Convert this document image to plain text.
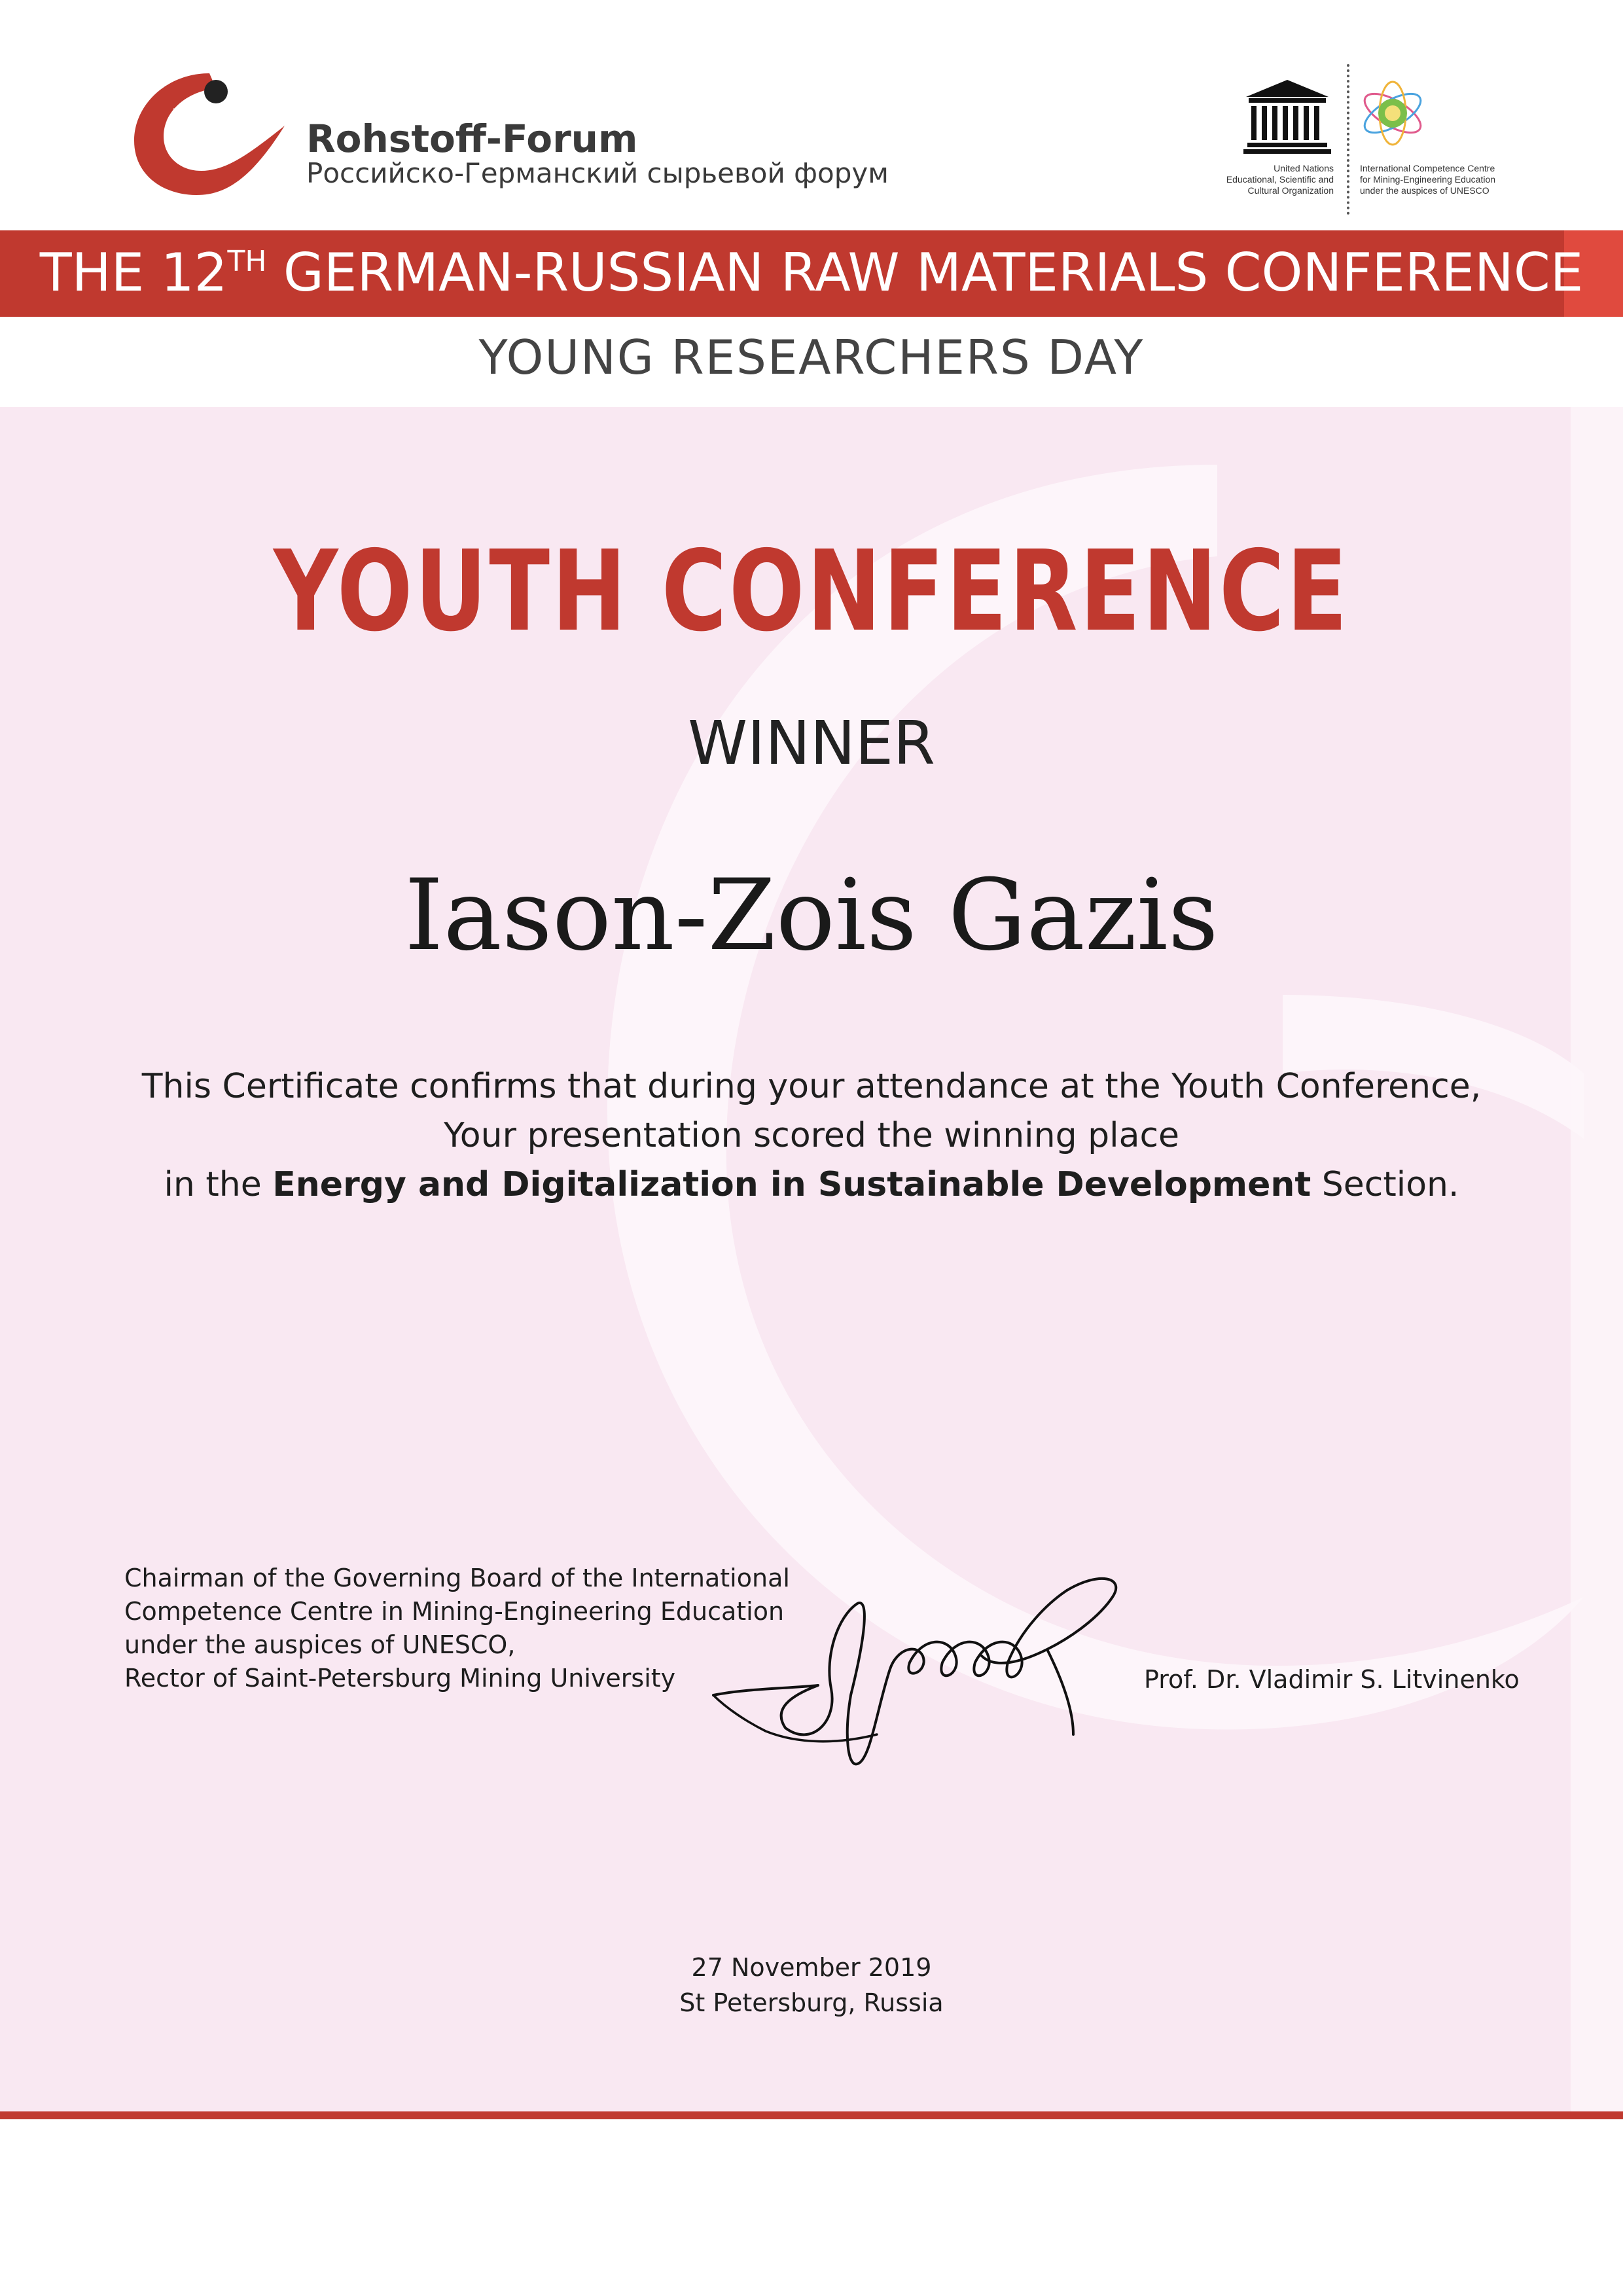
Rohstoff-Forum
Российско-Германский сырьевой форум	United Nations
Educational, Scientific and
Cultural Organization
International Competence Centre
for Mining-Engineering Education
under the auspices of UNESCO
THE 12TH GERMAN-RUSSIAN RAW MATERIALS CONFERENCE
YOUNG RESEARCHERS DAY
YOUTH CONFERENCE
WINNER
Iason-Zois Gazis
This Certificate confirms that during your attendance at the Youth Conference,
Your presentation scored the winning place
in the Energy and Digitalization in Sustainable Development Section.
Chairman of the Governing Board of the International
Competence Centre in Mining-Engineering Education
under the auspices of UNESCO,
Rector of Saint-Petersburg Mining University	Prof. Dr. Vladimir S. Litvinenko
27 November 2019
St Petersburg, Russia
